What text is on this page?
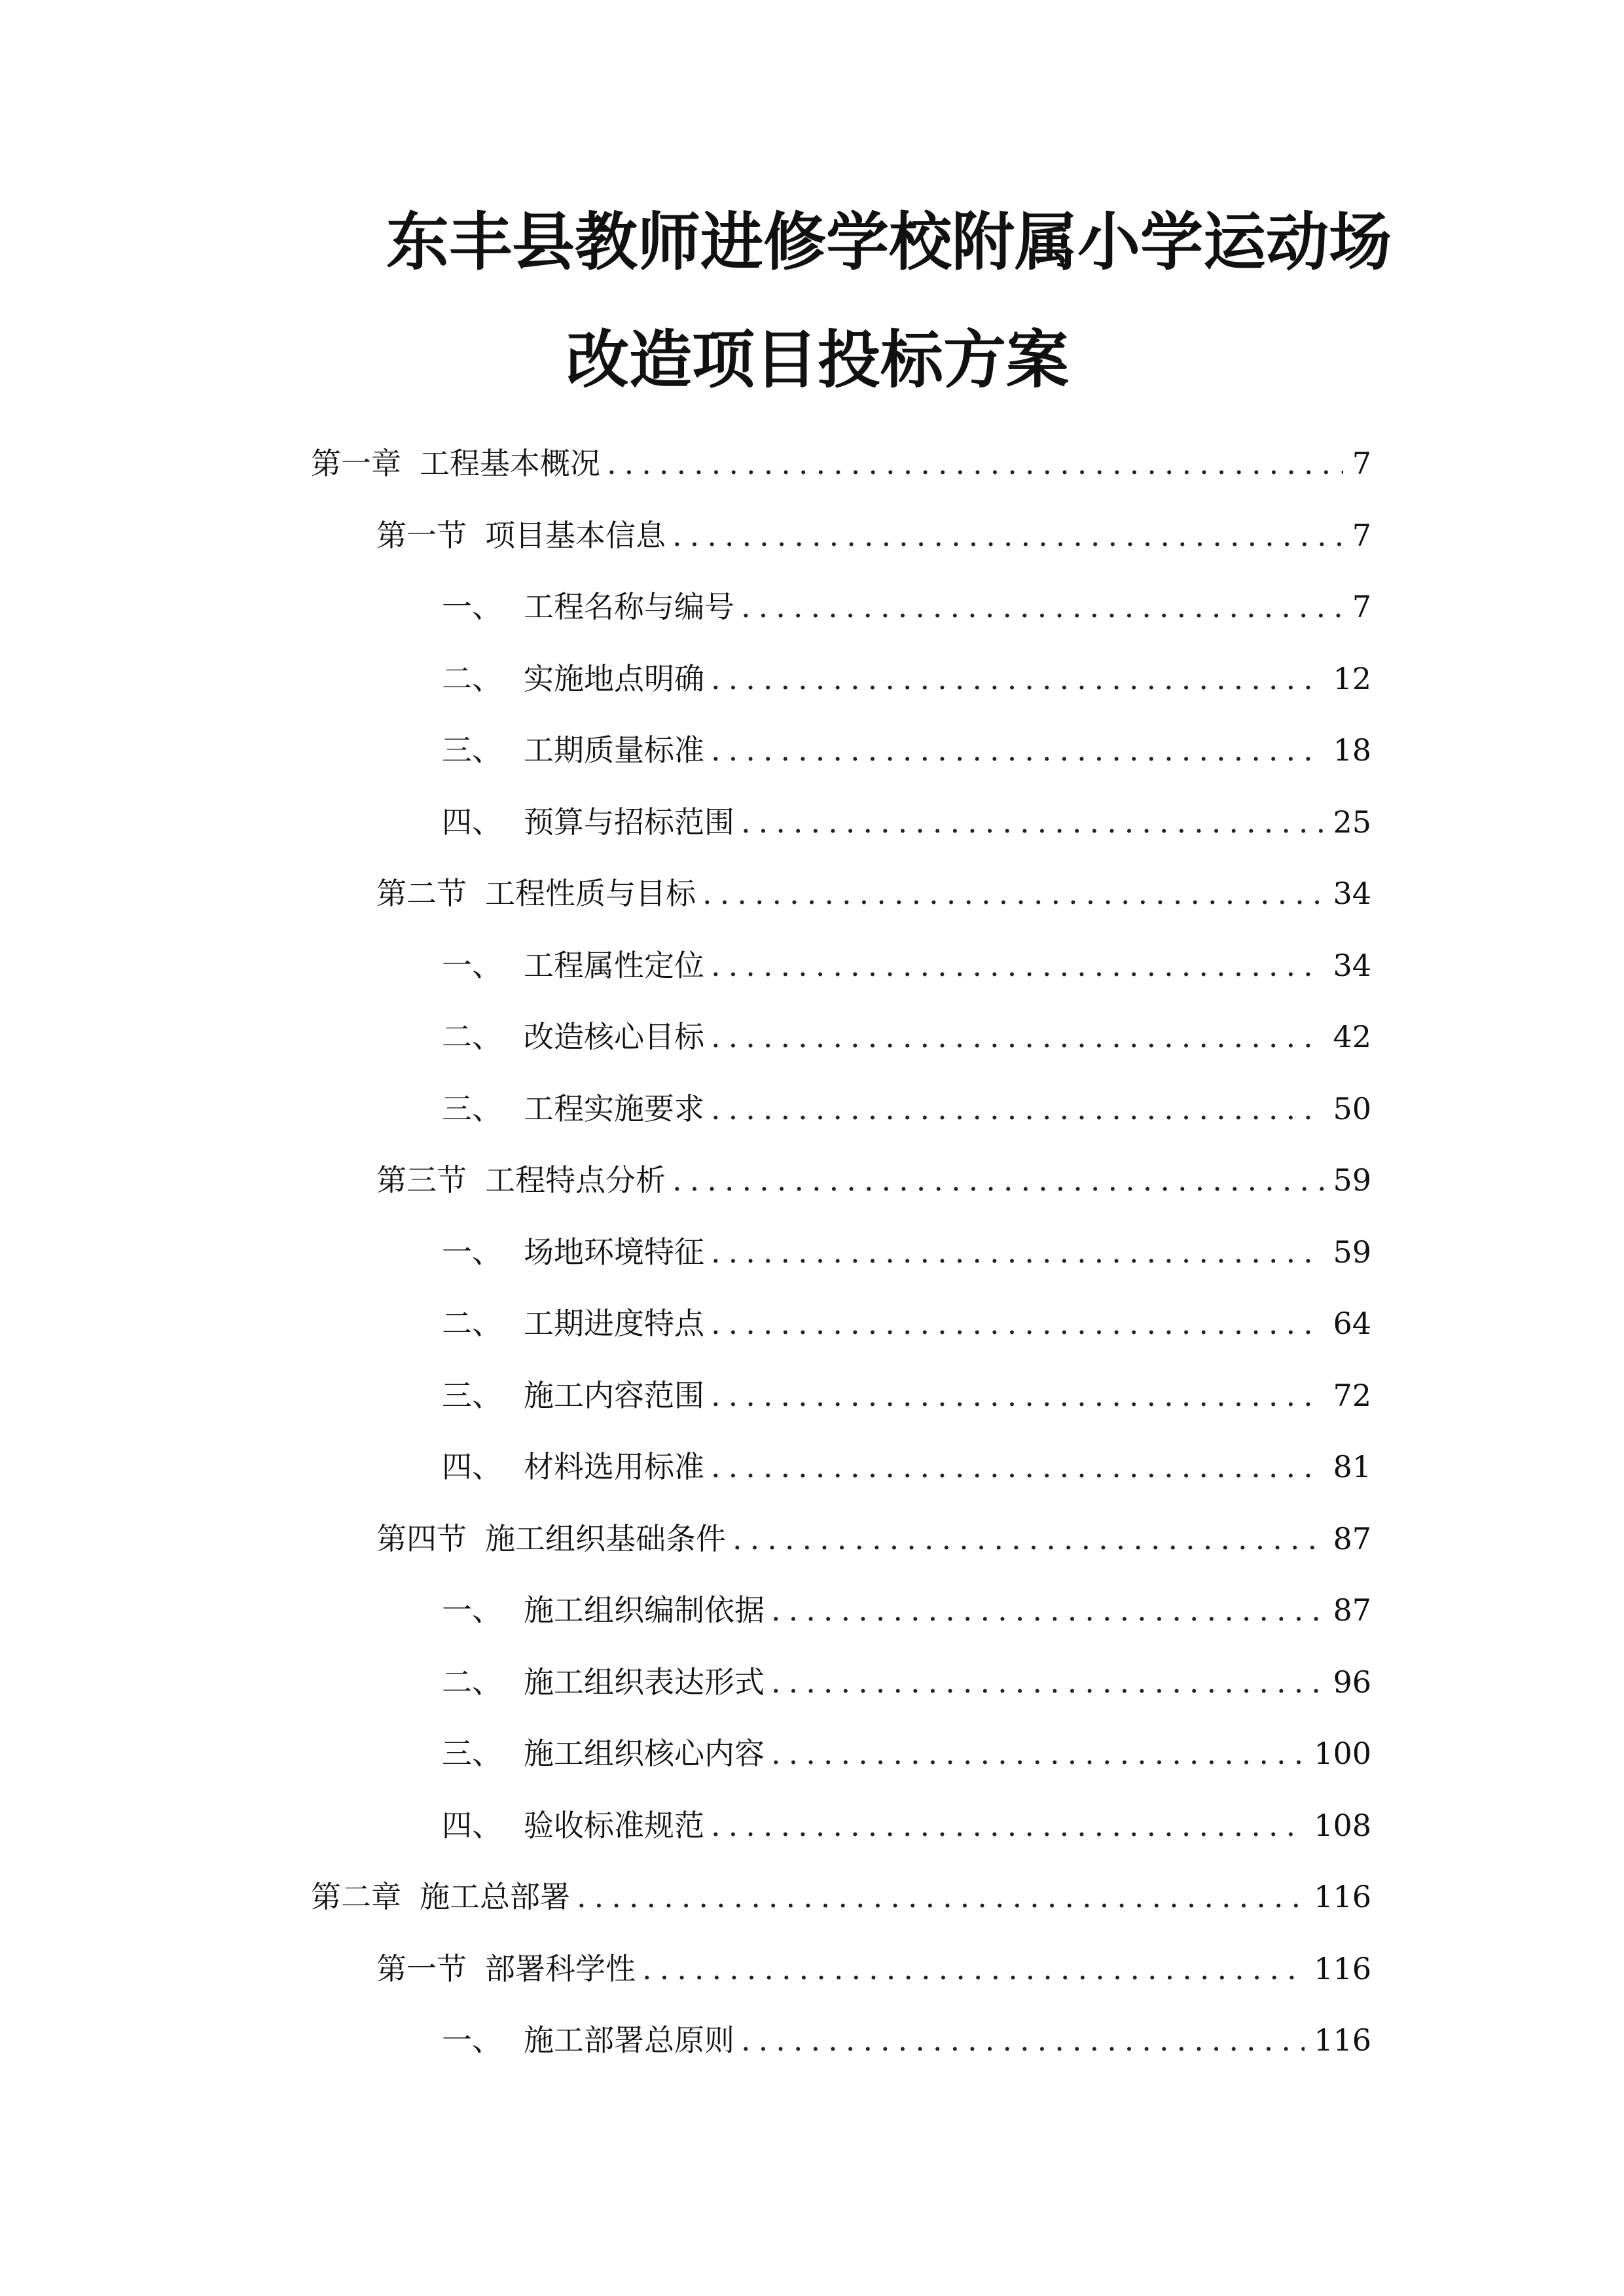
东丰县教师进修学校附属小学运动场
改造项目投标方案
第一章 工程基本概况 .....	7
第一节 项目基本信息 .....	7
一、 工程名称与编号 .....	7
二、 实施地点明确 .....	12
三、 工期质量标准 .....	18
四、 预算与招标范围 .....	25
第二节 工程性质与目标 .....	34
一、 工程属性定位 .....	34
二、 改造核心目标 .....	42
三、 工程实施要求 .....	50
第三节 工程特点分析 .....	59
一、 场地环境特征 .....	59
二、 工期进度特点 .....	64
三、 施工内容范围 .....	72
四、 材料选用标准 .....	81
第四节 施工组织基础条件 .....	87
一、 施工组织编制依据 .....	87
二、 施工组织表达形式 .....	96
三、 施工组织核心内容 .....	100
四、 验收标准规范 .....	108
第二章 施工总部署 .....	116
第一节 部署科学性 .....	116
一、 施工部署总原则 .....	116
